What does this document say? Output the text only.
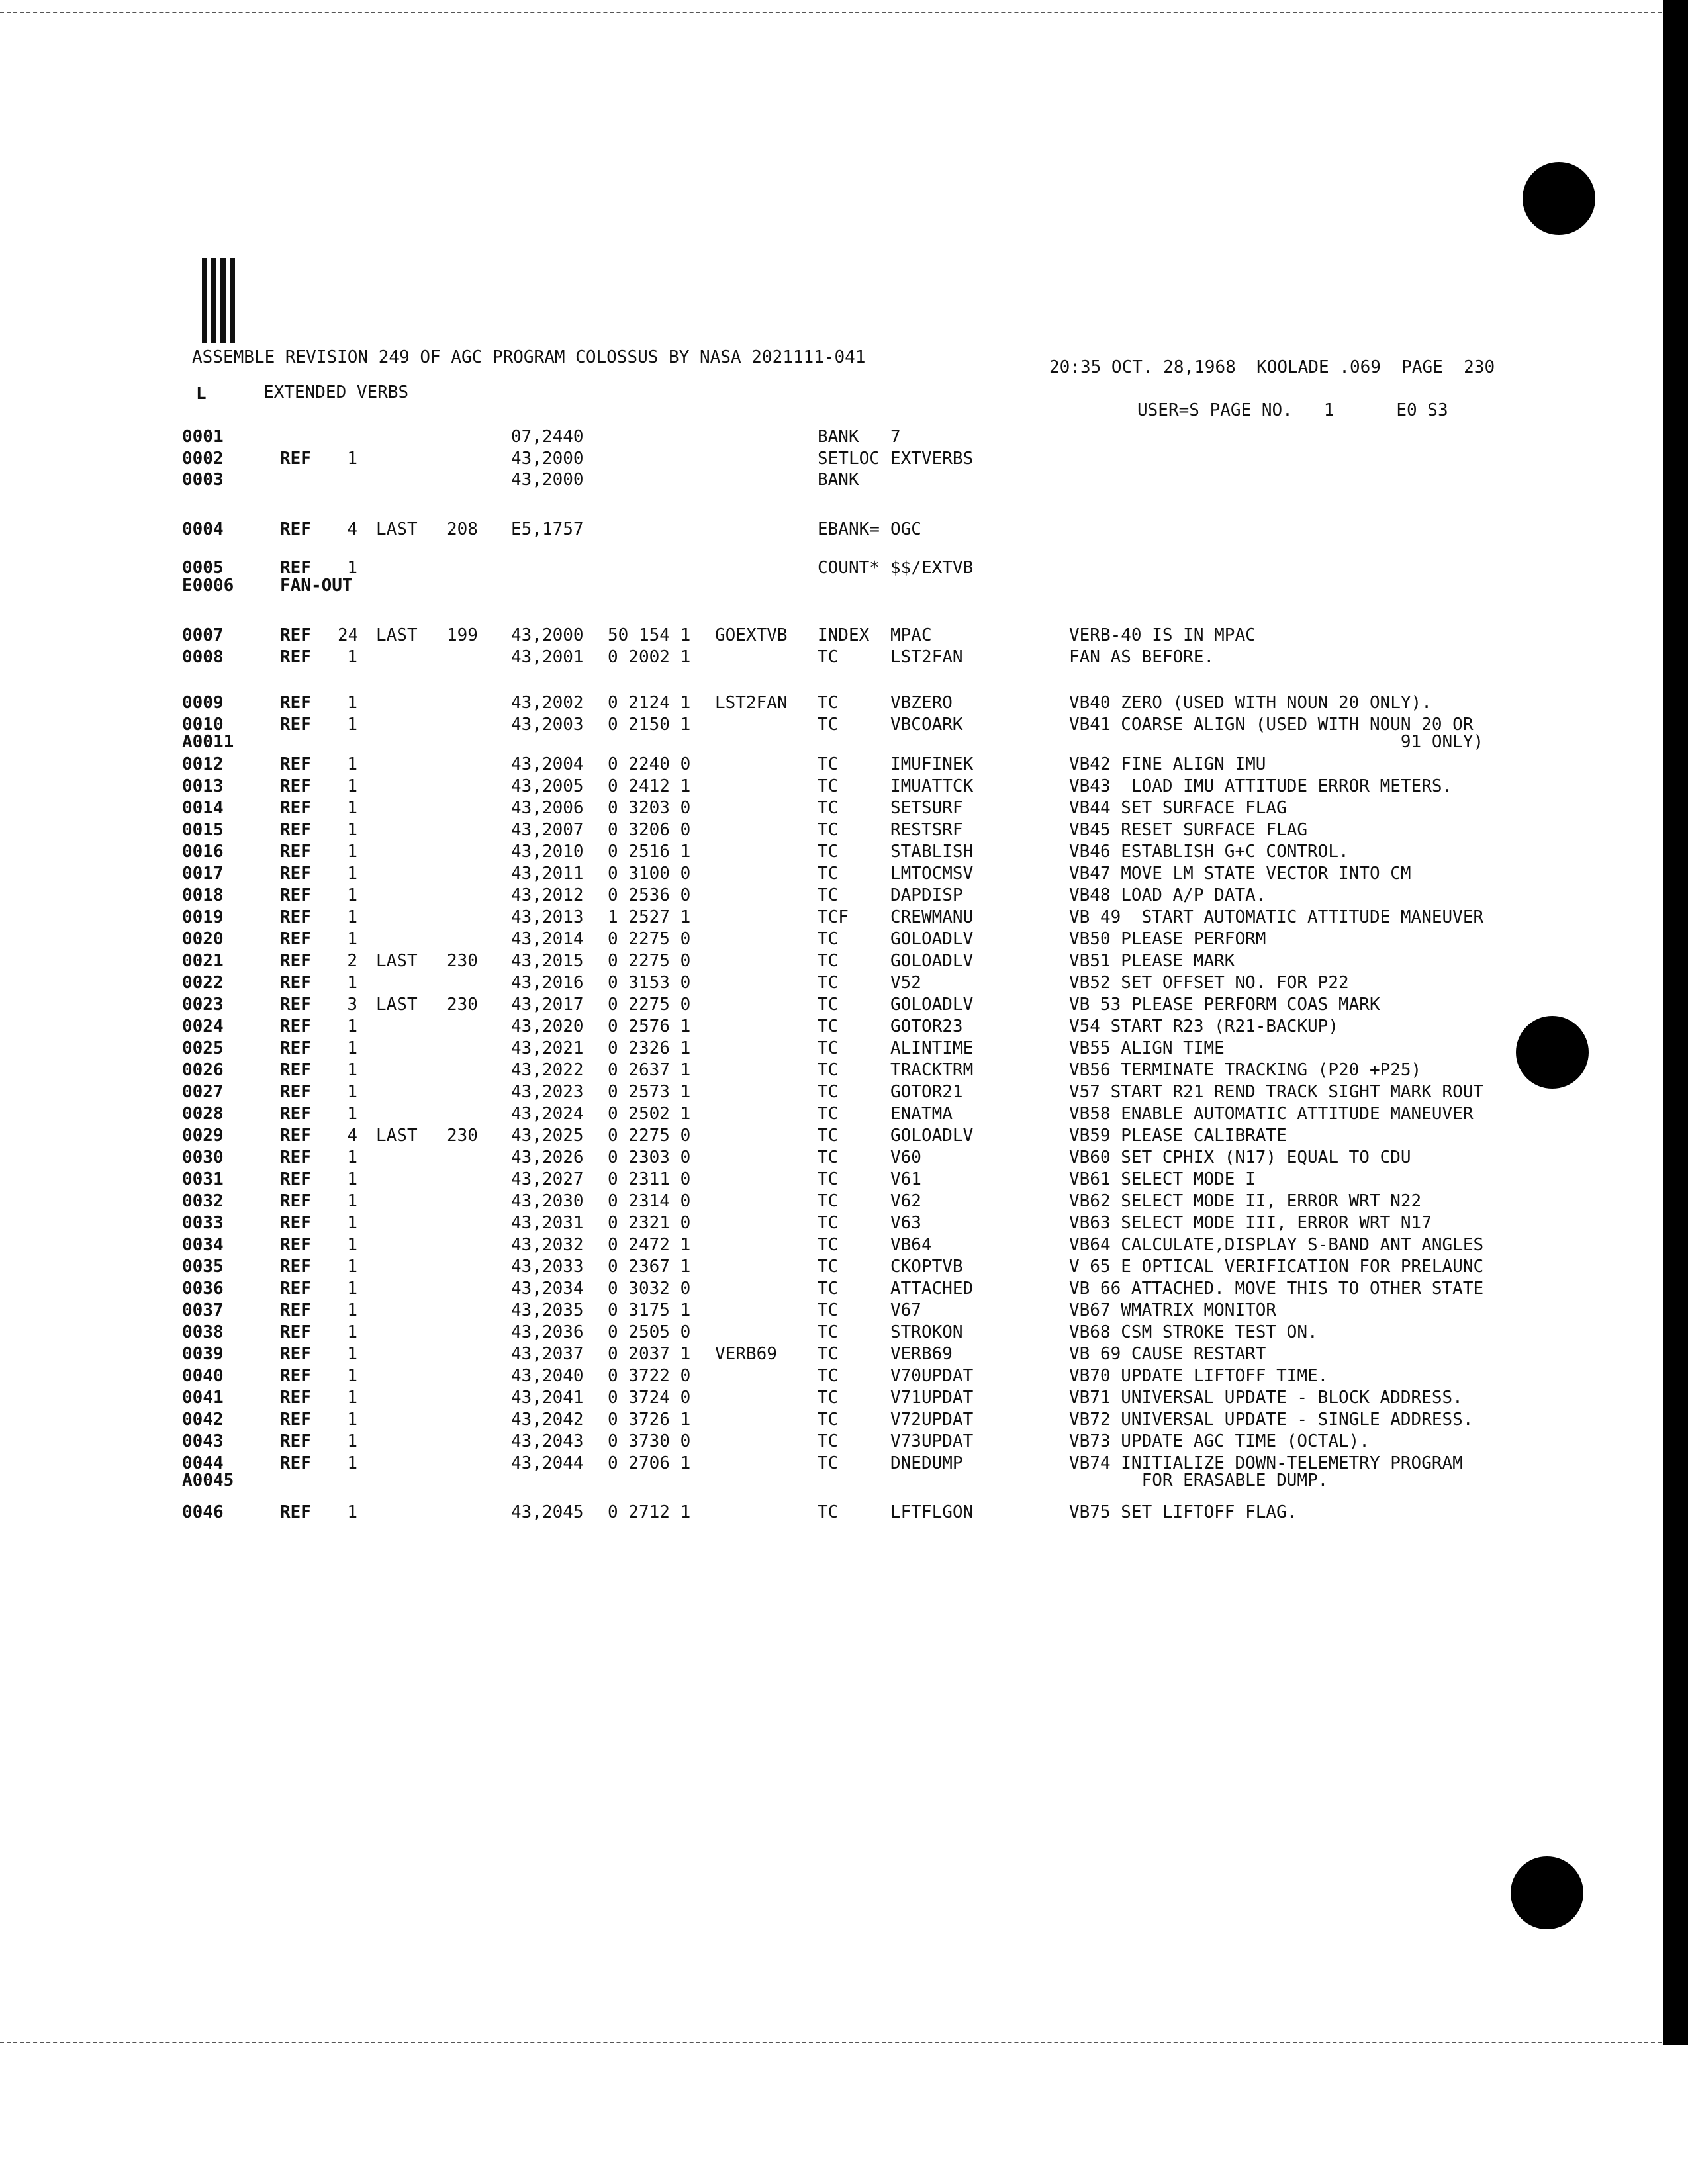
ASSEMBLE REVISION 249 OF AGC PROGRAM COLOSSUS BY NASA 2021111-041	20:35 OCT. 28,1968  KOOLADE .069  PAGE  230
L	EXTENDED VERBS
USER=S PAGE NO.   1      E0 S3
0001	07,2440	BANK 7
0002	REF	1	43,2000	SETLOC EXTVERBS
0003	43,2000	BANK
0004	REF	4 LAST 208 E5,1757	EBANK= OGC
0005	REF	1	COUNT* $$/EXTVB
E0006	FAN-OUT
0007	REF 24 LAST 199 43,2000 50 154 1 GOEXTVB INDEX MPAC	VERB-40 IS IN MPAC
0008	REF	1	43,2001 0 2002 1	TC	LST2FAN	FAN AS BEFORE.
0009	REF	1	43,2002 0 2124 1 LST2FAN TC	VBZERO	VB40 ZERO (USED WITH NOUN 20 ONLY).
0010	REF	1	43,2003 0 2150 1	TC	VBCOARK	VB41 COARSE ALIGN (USED WITH NOUN 20 OR
A0011	91 ONLY)
0012	REF	1	43,2004 0 2240 0	TC	IMUFINEK	VB42 FINE ALIGN IMU
0013	REF	1	43,2005 0 2412 1	TC	IMUATTCK	VB43  LOAD IMU ATTITUDE ERROR METERS.
0014	REF	1	43,2006 0 3203 0	TC	SETSURF	VB44 SET SURFACE FLAG
0015	REF	1	43,2007 0 3206 0	TC	RESTSRF	VB45 RESET SURFACE FLAG
0016	REF	1	43,2010 0 2516 1	TC	STABLISH	VB46 ESTABLISH G+C CONTROL.
0017	REF	1	43,2011 0 3100 0	TC	LMTOCMSV	VB47 MOVE LM STATE VECTOR INTO CM
0018	REF	1	43,2012 0 2536 0	TC	DAPDISP	VB48 LOAD A/P DATA.
0019	REF	1	43,2013 1 2527 1	TCF CREWMANU	VB 49  START AUTOMATIC ATTITUDE MANEUVER
0020	REF	1	43,2014 0 2275 0	TC	GOLOADLV	VB50 PLEASE PERFORM
0021	REF	2 LAST 230 43,2015 0 2275 0	TC	GOLOADLV	VB51 PLEASE MARK
0022	REF	1	43,2016 0 3153 0	TC	V52	VB52 SET OFFSET NO. FOR P22
0023	REF	3 LAST 230 43,2017 0 2275 0	TC	GOLOADLV	VB 53 PLEASE PERFORM COAS MARK
0024	REF	1	43,2020 0 2576 1	TC	GOTOR23	V54 START R23 (R21-BACKUP)
0025	REF	1	43,2021 0 2326 1	TC	ALINTIME	VB55 ALIGN TIME
0026	REF	1	43,2022 0 2637 1	TC	TRACKTRM	VB56 TERMINATE TRACKING (P20 +P25)
0027	REF	1	43,2023 0 2573 1	TC	GOTOR21	V57 START R21 REND TRACK SIGHT MARK ROUT
0028	REF	1	43,2024 0 2502 1	TC	ENATMA	VB58 ENABLE AUTOMATIC ATTITUDE MANEUVER
0029	REF	4 LAST 230 43,2025 0 2275 0	TC	GOLOADLV	VB59 PLEASE CALIBRATE
0030	REF	1	43,2026 0 2303 0	TC	V60	VB60 SET CPHIX (N17) EQUAL TO CDU
0031	REF	1	43,2027 0 2311 0	TC	V61	VB61 SELECT MODE I
0032	REF	1	43,2030 0 2314 0	TC	V62	VB62 SELECT MODE II, ERROR WRT N22
0033	REF	1	43,2031 0 2321 0	TC	V63	VB63 SELECT MODE III, ERROR WRT N17
0034	REF	1	43,2032 0 2472 1	TC	VB64	VB64 CALCULATE,DISPLAY S-BAND ANT ANGLES
0035	REF	1	43,2033 0 2367 1	TC	CKOPTVB	V 65 E OPTICAL VERIFICATION FOR PRELAUNC
0036	REF	1	43,2034 0 3032 0	TC	ATTACHED	VB 66 ATTACHED. MOVE THIS TO OTHER STATE
0037	REF	1	43,2035 0 3175 1	TC	V67	VB67 WMATRIX MONITOR
0038	REF	1	43,2036 0 2505 0	TC	STROKON	VB68 CSM STROKE TEST ON.
0039	REF	1	43,2037 0 2037 1 VERB69 TC	VERB69	VB 69 CAUSE RESTART
0040	REF	1	43,2040 0 3722 0	TC	V70UPDAT	VB70 UPDATE LIFTOFF TIME.
0041	REF	1	43,2041 0 3724 0	TC	V71UPDAT	VB71 UNIVERSAL UPDATE - BLOCK ADDRESS.
0042	REF	1	43,2042 0 3726 1	TC	V72UPDAT	VB72 UNIVERSAL UPDATE - SINGLE ADDRESS.
0043	REF	1	43,2043 0 3730 0	TC	V73UPDAT	VB73 UPDATE AGC TIME (OCTAL).
0044	REF	1	43,2044 0 2706 1	TC	DNEDUMP	VB74 INITIALIZE DOWN-TELEMETRY PROGRAM
A0045	FOR ERASABLE DUMP.
0046	REF	1	43,2045 0 2712 1	TC	LFTFLGON	VB75 SET LIFTOFF FLAG.
